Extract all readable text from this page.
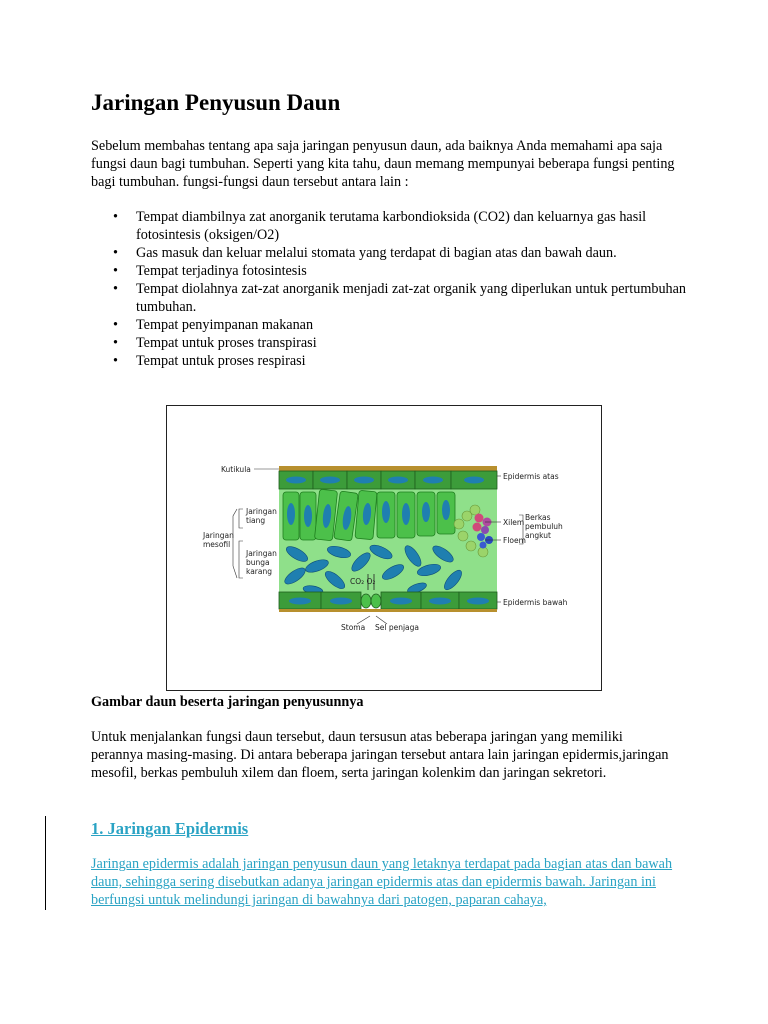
Jaringan Penyusun Daun

Sebelum membahas tentang apa saja jaringan penyusun daun, ada baiknya Anda memahami apa saja fungsi daun bagi tumbuhan. Seperti yang kita tahu, daun memang mempunyai beberapa fungsi penting bagi tumbuhan. fungsi-fungsi daun tersebut antara lain :

• Tempat diambilnya zat anorganik terutama karbondioksida (CO2) dan keluarnya gas hasil fotosintesis (oksigen/O2)
• Gas masuk dan keluar melalui stomata yang terdapat di bagian atas dan bawah daun.
• Tempat terjadinya fotosintesis
• Tempat diolahnya zat-zat anorganik menjadi zat-zat organik yang diperlukan untuk pertumbuhan tumbuhan.
• Tempat penyimpanan makanan
• Tempat untuk proses transpirasi
• Tempat untuk proses respirasi
Kutikula
Epidermis atas
Jaringan
tiang
Jaringan
mesofil
Jaringan
bunga
karang
Xilem
Floem
Berkas
pembuluh
angkut
CO₂ O₂
Epidermis bawah
Stoma Sel penjaga

Gambar daun beserta jaringan penyusunnya

Untuk menjalankan fungsi daun tersebut, daun tersusun atas beberapa jaringan yang memiliki perannya masing-masing. Di antara beberapa jaringan tersebut antara lain jaringan epidermis,jaringan mesofil, berkas pembuluh xilem dan floem, serta jaringan kolenkim dan jaringan sekretori.

1. Jaringan Epidermis

Jaringan epidermis adalah jaringan penyusun daun yang letaknya terdapat pada bagian atas dan bawah daun, sehingga sering disebutkan adanya jaringan epidermis atas dan epidermis bawah. Jaringan ini berfungsi untuk melindungi jaringan di bawahnya dari patogen, paparan cahaya,
